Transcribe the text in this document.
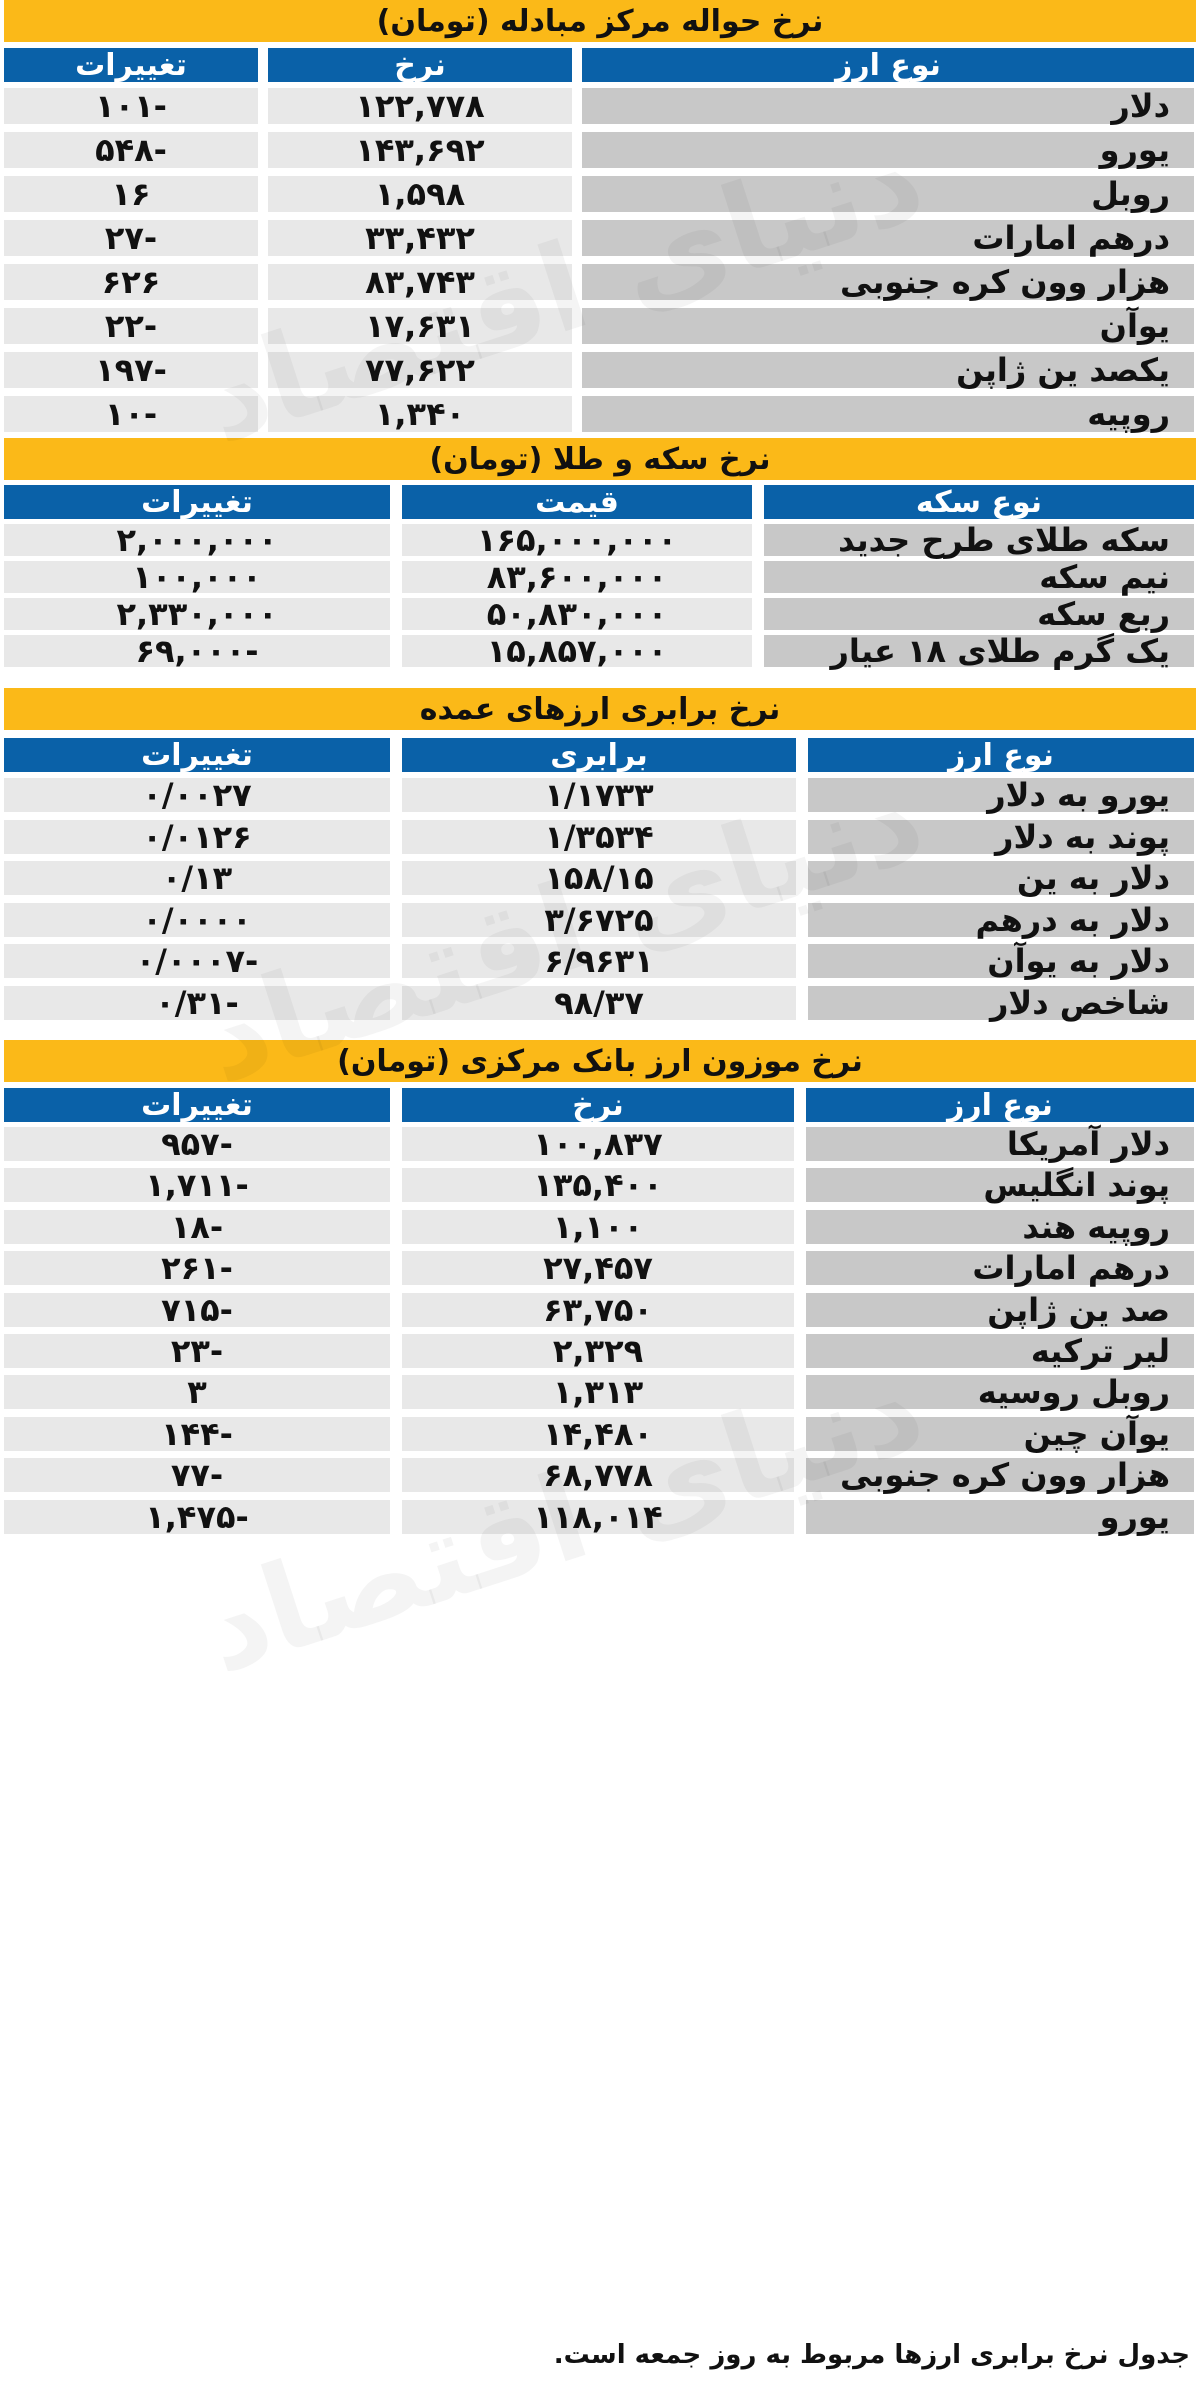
نرخ حواله مرکز مبادله (تومان)
نوع ارز
نرخ
تغییرات
نرخ سکه و طلا (تومان)
نوع سکه
قیمت
تغییرات
نرخ برابری ارزهای عمده
نوع ارز
برابری
تغییرات
نرخ موزون ارز بانک مرکزی (تومان)
نوع ارز
نرخ
تغییرات
دلار
۱۲۲,۷۷۸
-۱۰۱
یورو
۱۴۳,۶۹۲
-۵۴۸
روبل
۱,۵۹۸
۱۶
درهم امارات
۳۳,۴۳۲
-۲۷
هزار وون کره جنوبی
۸۳,۷۴۳
۶۲۶
یوآن
۱۷,۶۳۱
-۲۲
یکصد ین ژاپن
۷۷,۶۲۲
-۱۹۷
روپیه
۱,۳۴۰
-۱۰
سکه طلای طرح جدید
۱۶۵,۰۰۰,۰۰۰
۲,۰۰۰,۰۰۰
نیم سکه
۸۳,۶۰۰,۰۰۰
۱۰۰,۰۰۰
ربع سکه
۵۰,۸۳۰,۰۰۰
۲,۳۳۰,۰۰۰
یک گرم طلای ۱۸ عیار
۱۵,۸۵۷,۰۰۰
-۶۹,۰۰۰
یورو به دلار
۱/۱۷۳۳
۰/۰۰۲۷
پوند به دلار
۱/۳۵۳۴
۰/۰۱۲۶
دلار به ین
۱۵۸/۱۵
۰/۱۳
دلار به درهم
۳/۶۷۲۵
۰/۰۰۰۰
دلار به یوآن
۶/۹۶۳۱
-۰/۰۰۰۷
شاخص دلار
۹۸/۳۷
-۰/۳۱
دلار آمریکا
۱۰۰,۸۳۷
-۹۵۷
پوند انگلیس
۱۳۵,۴۰۰
-۱,۷۱۱
روپیه هند
۱,۱۰۰
-۱۸
درهم امارات
۲۷,۴۵۷
-۲۶۱
صد ین ژاپن
۶۳,۷۵۰
-۷۱۵
لیر ترکیه
۲,۳۲۹
-۲۳
روبل روسیه
۱,۳۱۳
۳
یوآن چین
۱۴,۴۸۰
-۱۴۴
هزار وون کره جنوبی
۶۸,۷۷۸
-۷۷
یورو
۱۱۸,۰۱۴
-۱,۴۷۵
جدول نرخ برابری ارزها مربوط به روز جمعه است.
